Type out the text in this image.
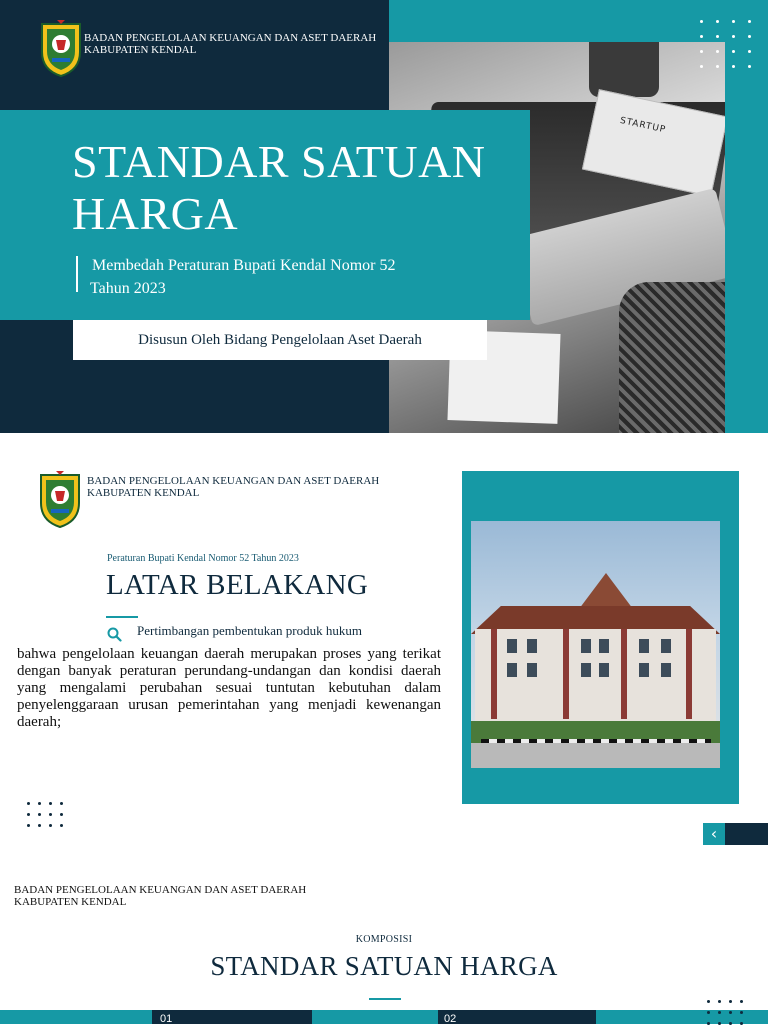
STARTUP
BADAN PENGELOLAAN KEUANGAN DAN ASET DAERAH
KABUPATEN KENDAL
STANDAR SATUAN
HARGA
Membedah Peraturan Bupati Kendal Nomor 52
Tahun 2023
Disusun Oleh Bidang Pengelolaan Aset Daerah
BADAN PENGELOLAAN KEUANGAN DAN ASET DAERAH
KABUPATEN KENDAL
Peraturan Bupati Kendal Nomor 52 Tahun 2023
LATAR BELAKANG
Pertimbangan pembentukan produk hukum
bahwa pengelolaan keuangan daerah merupakan proses yang terikat dengan banyak peraturan perundang-undangan dan kondisi daerah yang mengalami perubahan sesuai tuntutan kebutuhan dalam penyelenggaraan urusan pemerintahan yang menjadi kewenangan daerah;
‹
BADAN PENGELOLAAN KEUANGAN DAN ASET DAERAH
KABUPATEN KENDAL
KOMPOSISI
STANDAR SATUAN HARGA
01	02
